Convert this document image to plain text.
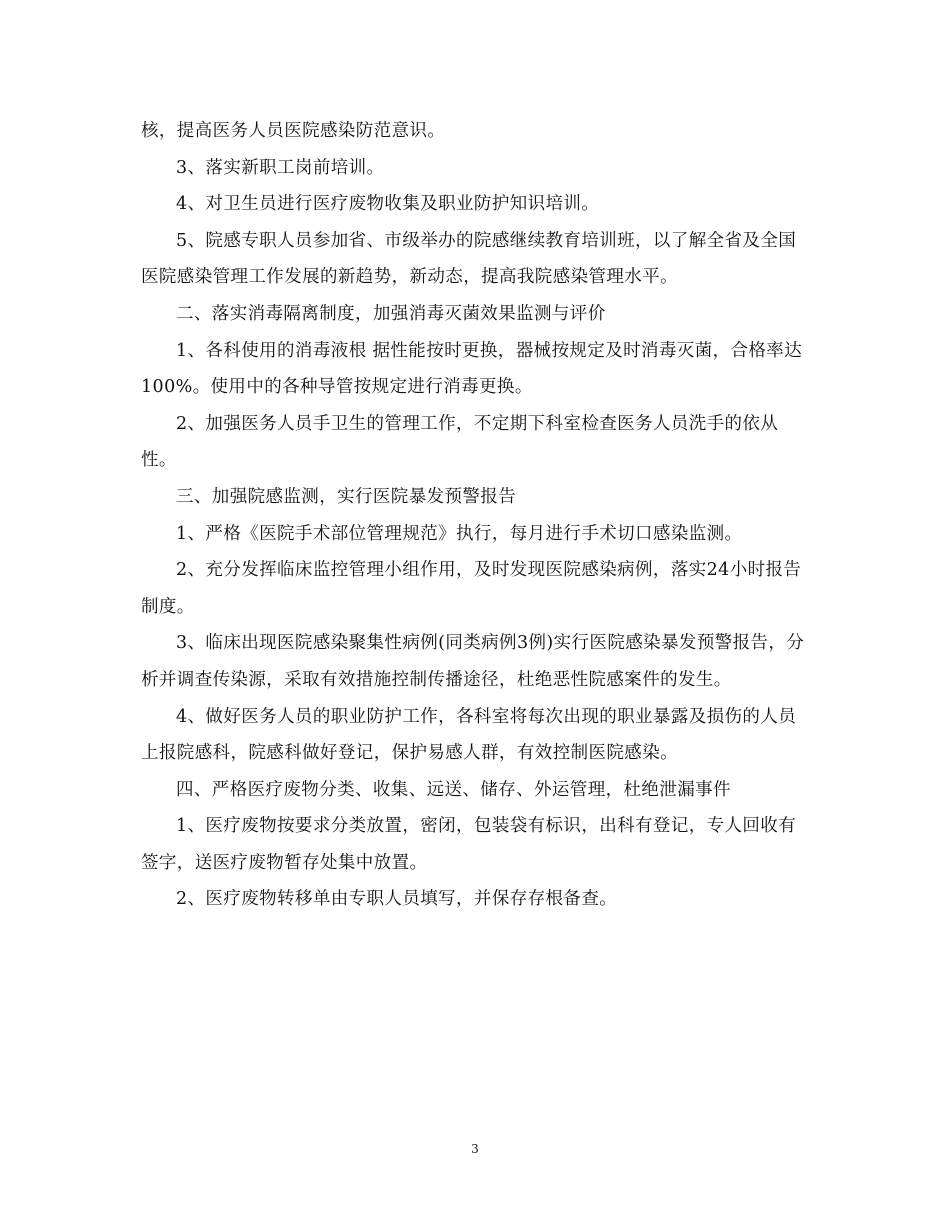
核，提高医务人员医院感染防范意识。

3、落实新职工岗前培训。

4、对卫生员进行医疗废物收集及职业防护知识培训。

5、院感专职人员参加省、市级举办的院感继续教育培训班，以了解全省及全国医院感染管理工作发展的新趋势，新动态，提高我院感染管理水平。

二、落实消毒隔离制度，加强消毒灭菌效果监测与评价

1、各科使用的消毒液根 据性能按时更换，器械按规定及时消毒灭菌，合格率达100%。使用中的各种导管按规定进行消毒更换。

2、加强医务人员手卫生的管理工作，不定期下科室检查医务人员洗手的依从性。

三、加强院感监测，实行医院暴发预警报告

1、严格《医院手术部位管理规范》执行，每月进行手术切口感染监测。

2、充分发挥临床监控管理小组作用，及时发现医院感染病例，落实24小时报告制度。

3、临床出现医院感染聚集性病例(同类病例3例)实行医院感染暴发预警报告，分析并调查传染源，采取有效措施控制传播途径，杜绝恶性院感案件的发生。

4、做好医务人员的职业防护工作，各科室将每次出现的职业暴露及损伤的人员上报院感科，院感科做好登记，保护易感人群，有效控制医院感染。

四、严格医疗废物分类、收集、远送、储存、外运管理，杜绝泄漏事件

1、医疗废物按要求分类放置，密闭，包装袋有标识，出科有登记，专人回收有签字，送医疗废物暂存处集中放置。

2、医疗废物转移单由专职人员填写，并保存存根备查。

3
